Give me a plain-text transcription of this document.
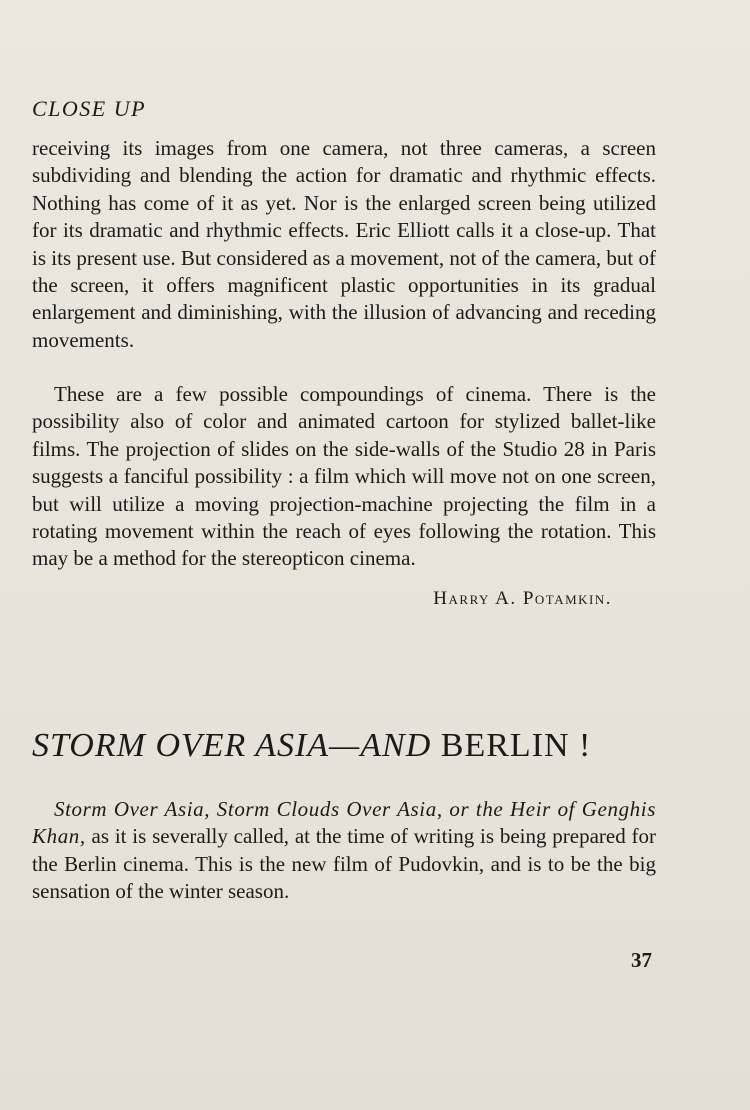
CLOSE UP
receiving its images from one camera, not three cameras, a screen subdividing and blending the action for dramatic and rhythmic effects. Nothing has come of it as yet. Nor is the enlarged screen being utilized for its dramatic and rhythmic effects. Eric Elliott calls it a close-up. That is its present use. But considered as a movement, not of the camera, but of the screen, it offers magnificent plastic opportunities in its gradual enlargement and diminishing, with the illusion of advancing and receding movements.
These are a few possible compoundings of cinema. There is the possibility also of color and animated cartoon for stylized ballet-like films. The projection of slides on the side-walls of the Studio 28 in Paris suggests a fanciful possibility : a film which will move not on one screen, but will utilize a moving projection-machine projecting the film in a rotating movement within the reach of eyes following the rotation. This may be a method for the stereopticon cinema.
Harry A. Potamkin.
STORM OVER ASIA—AND BERLIN !
Storm Over Asia, Storm Clouds Over Asia, or the Heir of Genghis Khan, as it is severally called, at the time of writing is being prepared for the Berlin cinema. This is the new film of Pudovkin, and is to be the big sensation of the winter season.
37
